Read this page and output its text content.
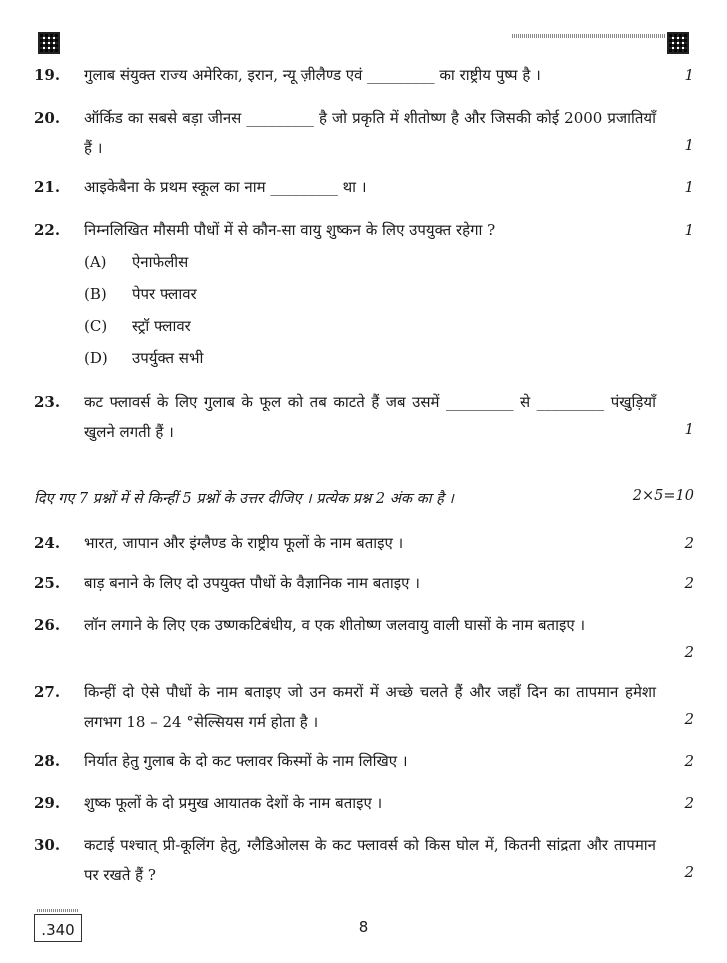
19. गुलाब संयुक्त राज्य अमेरिका, इरान, न्यू ज़ीलैण्ड एवं _________ का राष्ट्रीय पुष्प है ।	1
20. ऑर्किड का सबसे बड़ा जीनस _________ है जो प्रकृति में शीतोष्ण है और जिसकी कोई 2000 प्रजातियाँ हैं ।	1
21. आइकेबैना के प्रथम स्कूल का नाम _________ था ।	1
22. निम्नलिखित मौसमी पौधों में से कौन-सा वायु शुष्कन के लिए उपयुक्त रहेगा ?	1
(A) ऐनाफेलीस
(B) पेपर फ्लावर
(C) स्ट्रॉ फ्लावर
(D) उपर्युक्त सभी
23. कट फ्लावर्स के लिए गुलाब के फूल को तब काटते हैं जब उसमें _________ से _________ पंखुड़ियाँ खुलने लगती हैं ।	1
दिए गए 7 प्रश्नों में से किन्हीं 5 प्रश्नों के उत्तर दीजिए । प्रत्येक प्रश्न 2 अंक का है ।	2×5=10
24. भारत, जापान और इंग्लैण्ड के राष्ट्रीय फूलों के नाम बताइए ।	2
25. बाड़ बनाने के लिए दो उपयुक्त पौधों के वैज्ञानिक नाम बताइए ।	2
26. लॉन लगाने के लिए एक उष्णकटिबंधीय, व एक शीतोष्ण जलवायु वाली घासों के नाम बताइए ।
2
27. किन्हीं दो ऐसे पौधों के नाम बताइए जो उन कमरों में अच्छे चलते हैं और जहाँ दिन का तापमान हमेशा लगभग 18 – 24 °सेल्सियस गर्म होता है ।	2
28. निर्यात हेतु गुलाब के दो कट फ्लावर किस्मों के नाम लिखिए ।	2
29. शुष्क फूलों के दो प्रमुख आयातक देशों के नाम बताइए ।	2
30. कटाई पश्चात् प्री-कूलिंग हेतु, ग्लैडिओलस के कट फ्लावर्स को किस घोल में, कितनी सांद्रता और तापमान पर रखते हैं ?	2
.340	8
